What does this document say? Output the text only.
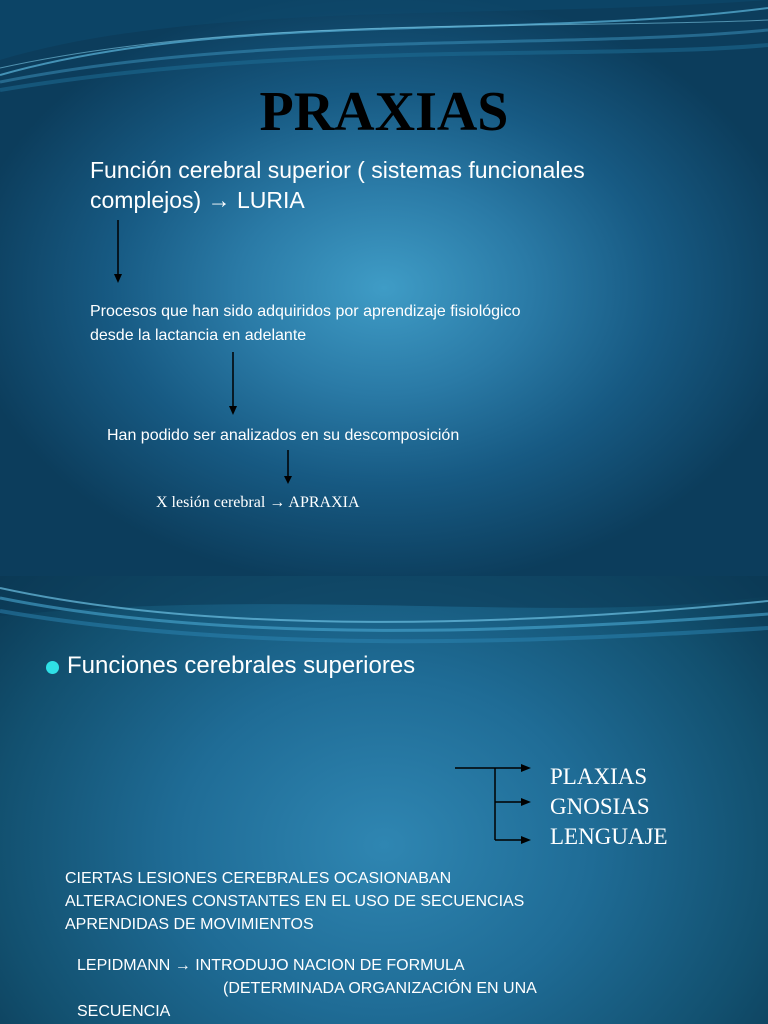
PRAXIAS
Función cerebral superior ( sistemas funcionales
complejos) → LURIA
Procesos que han sido adquiridos por aprendizaje fisiológico
desde la lactancia en adelante
Han podido ser analizados en su descomposición
X lesión cerebral → APRAXIA
Funciones cerebrales superiores
PLAXIAS
GNOSIAS
LENGUAJE
CIERTAS LESIONES CEREBRALES OCASIONABAN
ALTERACIONES CONSTANTES EN EL USO DE SECUENCIAS
APRENDIDAS DE MOVIMIENTOS
LEPIDMANN → INTRODUJO NACION DE FORMULA
(DETERMINADA ORGANIZACIÓN EN UNA
SECUENCIA
